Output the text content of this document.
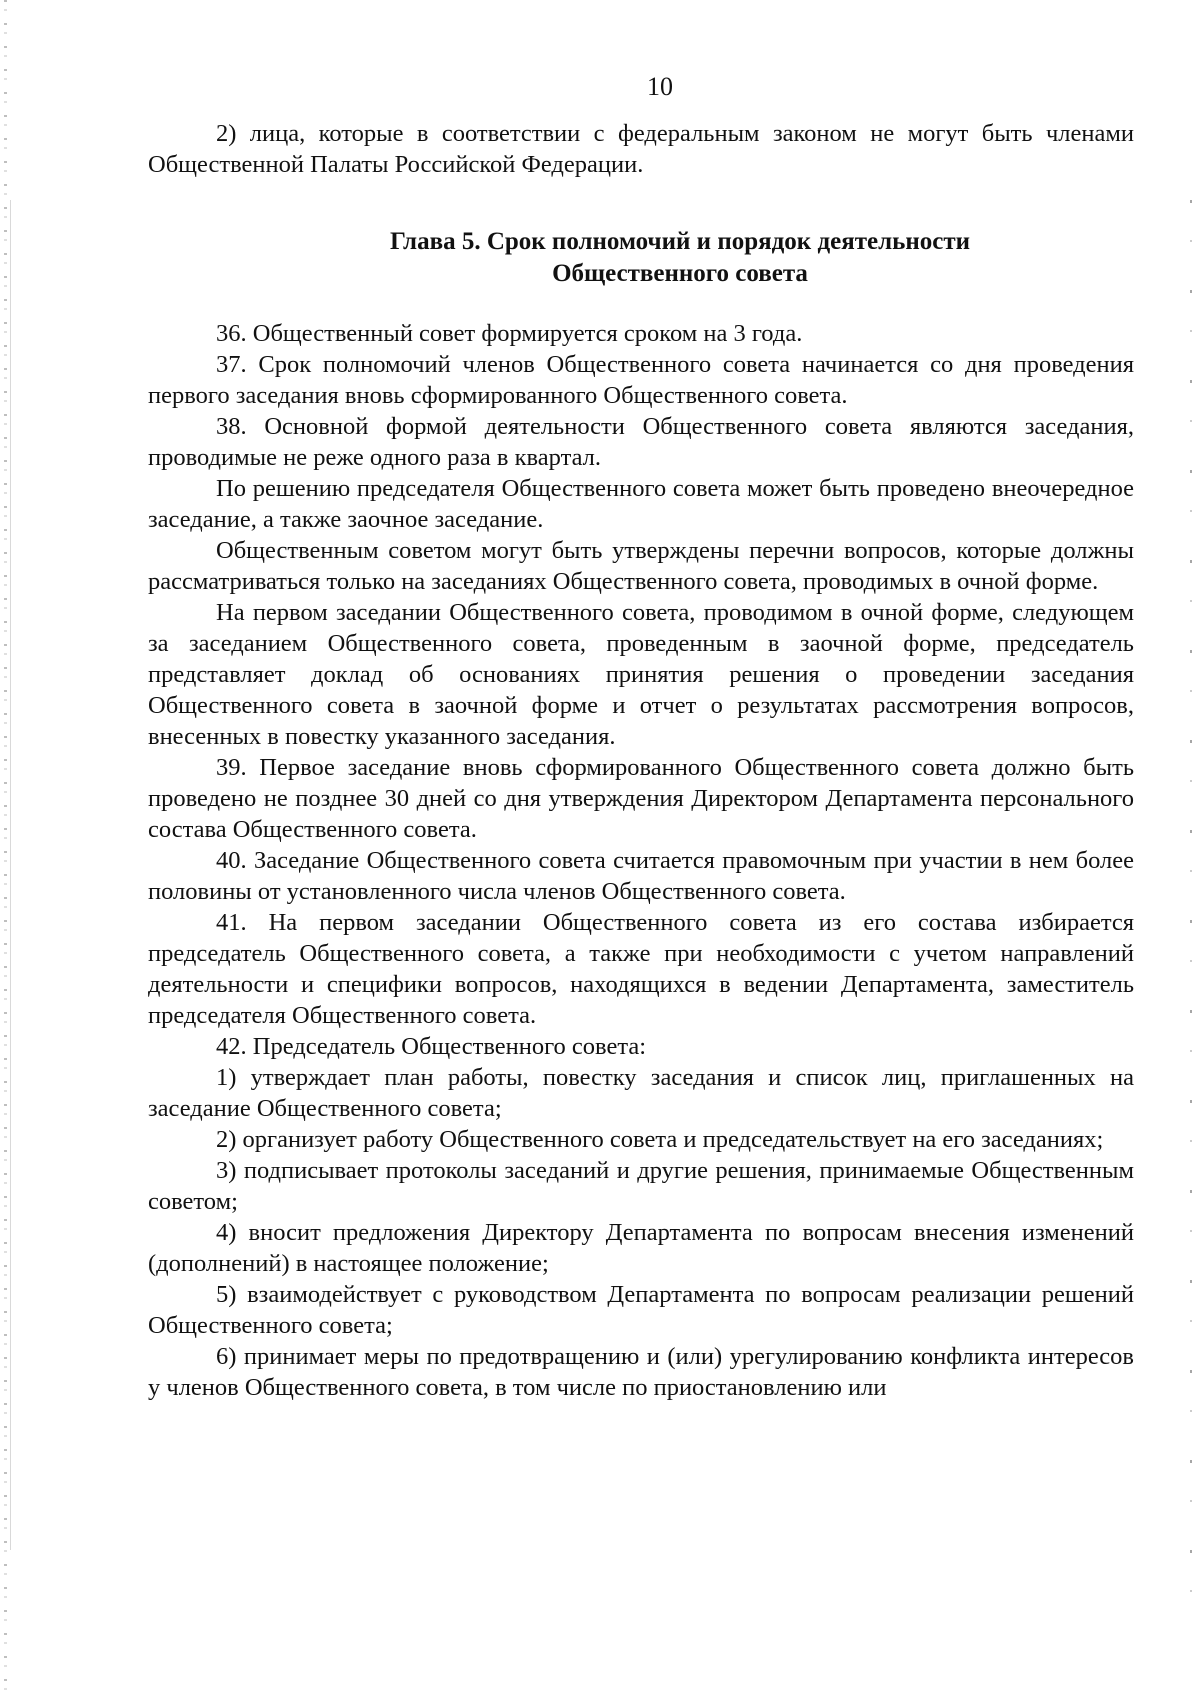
10

2) лица, которые в соответствии с федеральным законом не могут быть членами Общественной Палаты Российской Федерации.

Глава 5. Срок полномочий и порядок деятельности
Общественного совета

36. Общественный совет формируется сроком на 3 года.

37. Срок полномочий членов Общественного совета начинается со дня проведения первого заседания вновь сформированного Общественного совета.

38. Основной формой деятельности Общественного совета являются заседания, проводимые не реже одного раза в квартал.

По решению председателя Общественного совета может быть проведено внеочередное заседание, а также заочное заседание.

Общественным советом могут быть утверждены перечни вопросов, которые должны рассматриваться только на заседаниях Общественного совета, проводимых в очной форме.

На первом заседании Общественного совета, проводимом в очной форме, следующем за заседанием Общественного совета, проведенным в заочной форме, председатель представляет доклад об основаниях принятия решения о проведении заседания Общественного совета в заочной форме и отчет о результатах рассмотрения вопросов, внесенных в повестку указанного заседания.

39. Первое заседание вновь сформированного Общественного совета должно быть проведено не позднее 30 дней со дня утверждения Директором Департамента персонального состава Общественного совета.

40. Заседание Общественного совета считается правомочным при участии в нем более половины от установленного числа членов Общественного совета.

41. На первом заседании Общественного совета из его состава избирается председатель Общественного совета, а также при необходимости с учетом направлений деятельности и специфики вопросов, находящихся в ведении Департамента, заместитель председателя Общественного совета.

42. Председатель Общественного совета:

1) утверждает план работы, повестку заседания и список лиц, приглашенных на заседание Общественного совета;

2) организует работу Общественного совета и председательствует на его заседаниях;

3) подписывает протоколы заседаний и другие решения, принимаемые Общественным советом;

4) вносит предложения Директору Департамента по вопросам внесения изменений (дополнений) в настоящее положение;

5) взаимодействует с руководством Департамента по вопросам реализации решений Общественного совета;

6) принимает меры по предотвращению и (или) урегулированию конфликта интересов у членов Общественного совета, в том числе по приостановлению или
